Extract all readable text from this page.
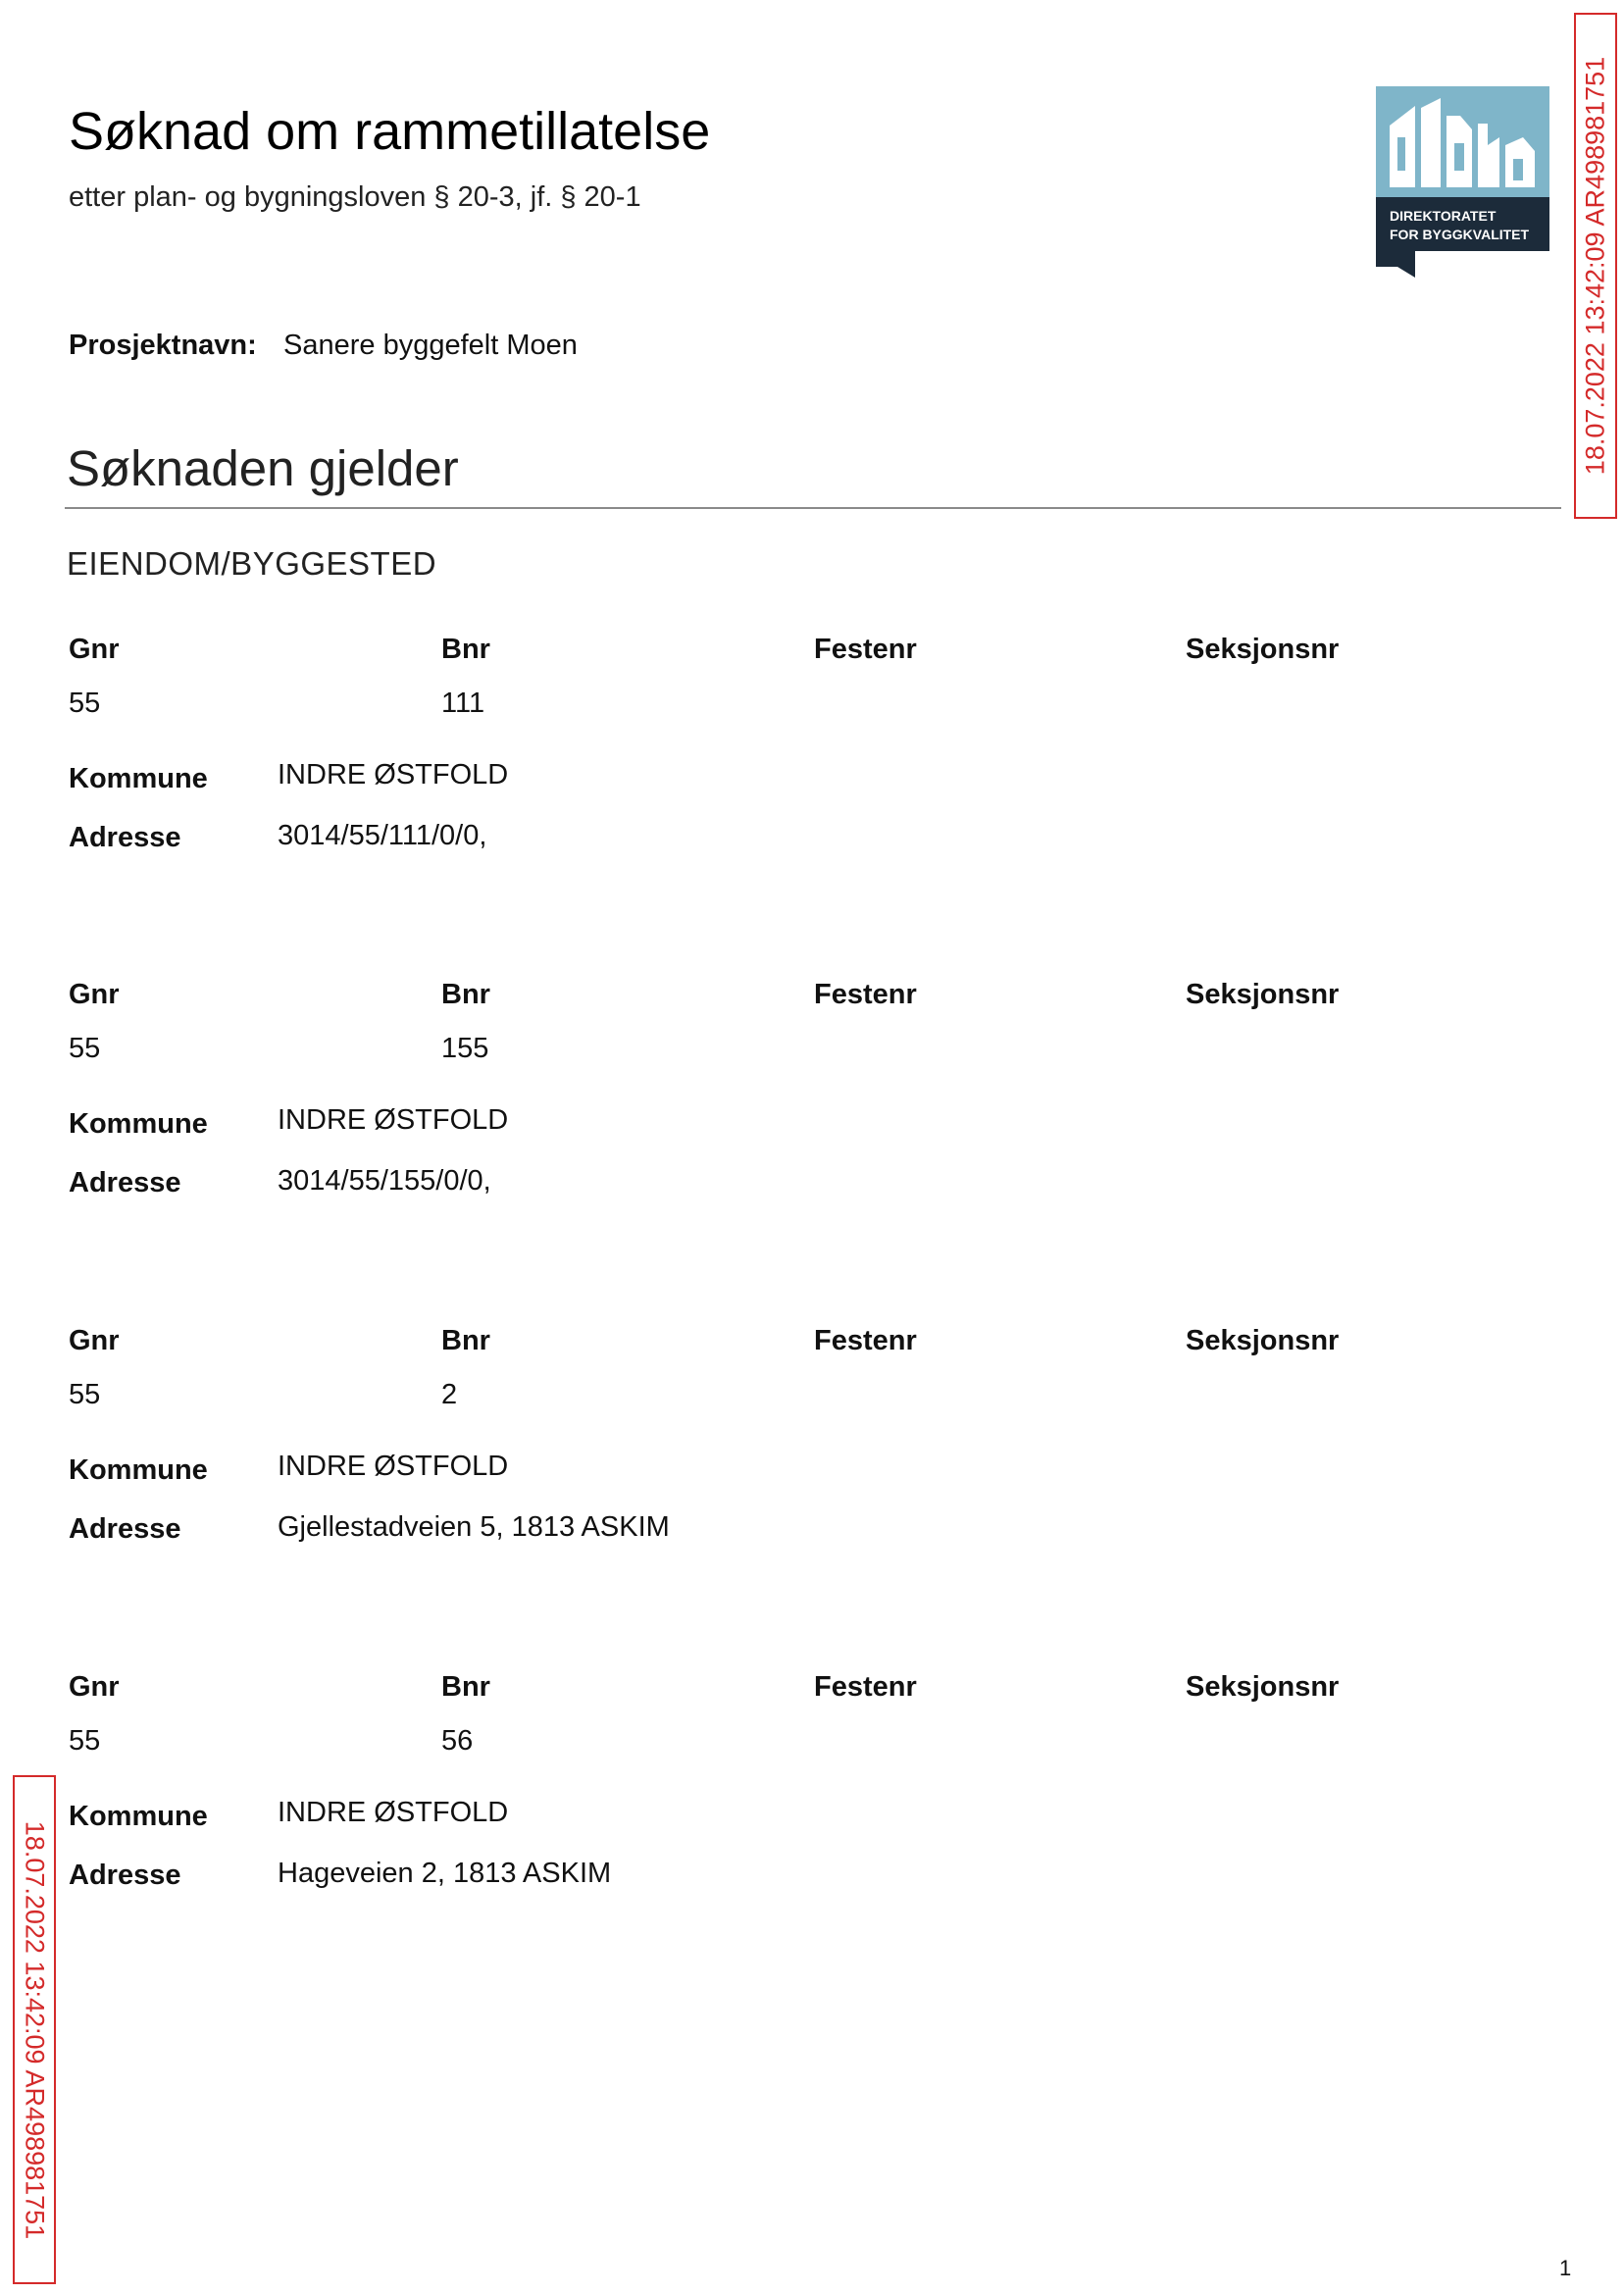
Søknad om rammetillatelse
etter plan- og bygningsloven § 20-3, jf. § 20-1
Prosjektnavn: Sanere byggefelt Moen
Søknaden gjelder
EIENDOM/BYGGESTED
Gnr	Bnr	Festenr	Seksjonsnr
55	111
Kommune INDRE ØSTFOLD
Adresse	3014/55/111/0/0,
Gnr	Bnr	Festenr	Seksjonsnr
55	155
Kommune INDRE ØSTFOLD
Adresse	3014/55/155/0/0,
Gnr	Bnr	Festenr	Seksjonsnr
55	2
Kommune INDRE ØSTFOLD
Adresse	Gjellestadveien 5, 1813 ASKIM
Gnr	Bnr	Festenr	Seksjonsnr
55	56
Kommune INDRE ØSTFOLD
Adresse	Hageveien 2, 1813 ASKIM
DIREKTORATET
FOR BYGGKVALITET 18.07.2022 13:42:09 AR498981751
18.07.2022 13:42:09 AR498981751
1
